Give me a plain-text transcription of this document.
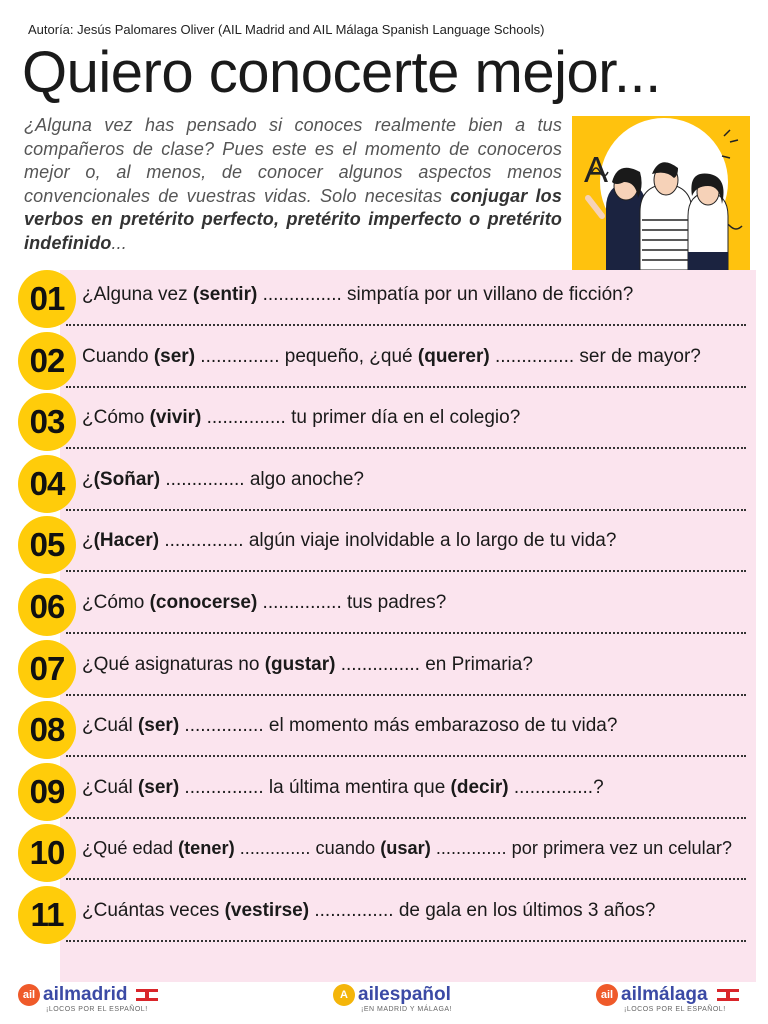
Autoría: Jesús Palomares Oliver (AIL Madrid and AIL Málaga Spanish Language Schools)
Quiero conocerte mejor...
¿Alguna vez has pensado si conoces realmente bien a tus compañeros de clase? Pues este es el momento de conoceros mejor o, al menos, de conocer algunos aspectos menos convencionales de vuestras vidas. Solo necesitas conjugar los verbos en pretérito perfecto, pretérito imperfecto o pretérito indefinido...
A
01 ¿Alguna vez (sentir) ............... simpatía por un villano de ficción?
02 Cuando (ser) ............... pequeño, ¿qué (querer) ............... ser de mayor?
03 ¿Cómo (vivir) ............... tu primer día en el colegio?
04 ¿(Soñar) ............... algo anoche?
05 ¿(Hacer) ............... algún viaje inolvidable a lo largo de tu vida?
06 ¿Cómo (conocerse) ............... tus padres?
07 ¿Qué asignaturas no (gustar) ............... en Primaria?
08 ¿Cuál (ser) ............... el momento más embarazoso de tu vida?
09 ¿Cuál (ser) ............... la última mentira que (decir) ...............?
10 ¿Qué edad (tener) .............. cuando (usar) .............. por primera vez un celular?
11 ¿Cuántas veces (vestirse) ............... de gala en los últimos 3 años?
ail ailmadrid
¡LOCOS POR EL ESPAÑOL!
A ailespañol
¡EN MADRID Y MÁLAGA!
ail ailmálaga
¡LOCOS POR EL ESPAÑOL!
